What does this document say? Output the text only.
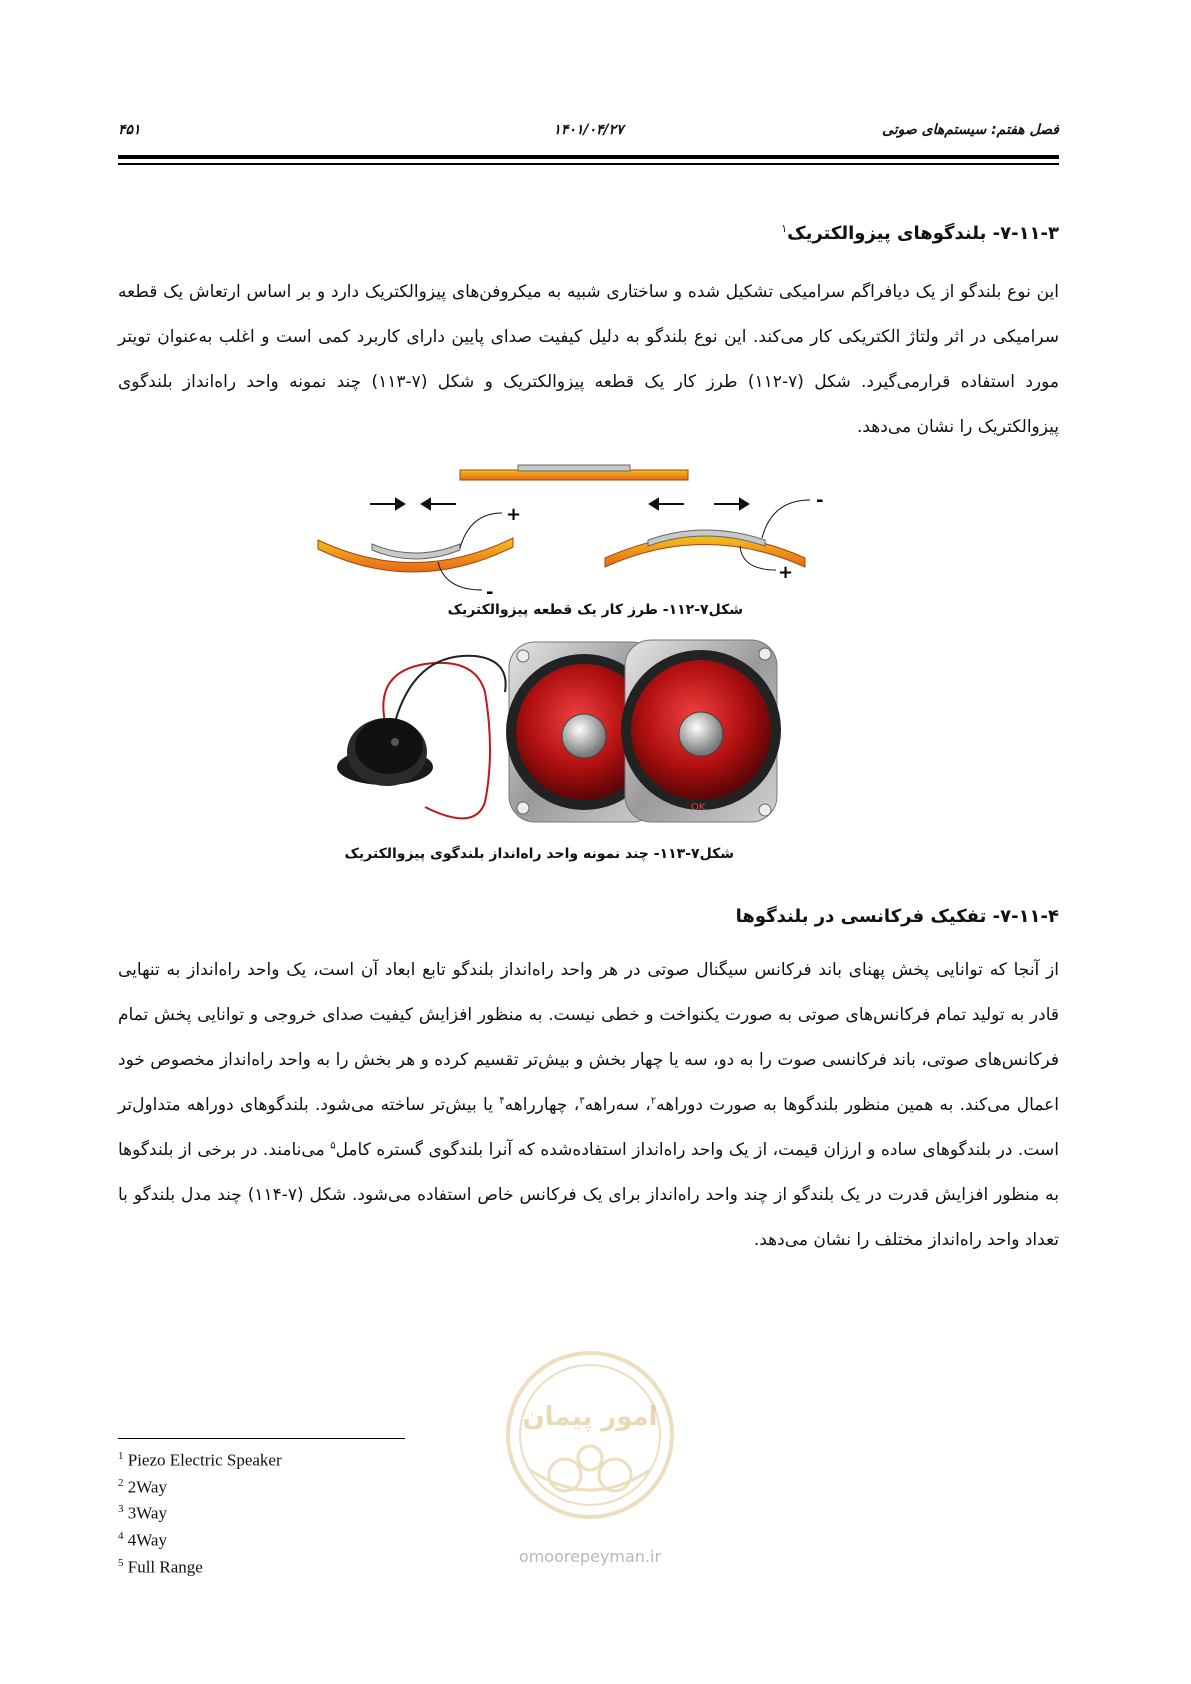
فصل هفتم: سیستم‌های صوتی
۱۴۰۱/۰۴/۲۷
۴۵۱
۷-۱۱-۳- بلندگوهای پیزوالکتریک$^۱$
این نوع بلندگو از یک دیافراگم سرامیکی تشکیل شده و ساختاری شبیه به میکروفن‌های پیزوالکتریک دارد و بر اساس ارتعاش یک قطعه سرامیکی در اثر ولتاژ الکتریکی کار می‌کند. این نوع بلندگو به دلیل کیفیت صدای پایین دارای کاربرد کمی است و اغلب به‌عنوان تویتر مورد استفاده قرارمی‌گیرد. شکل (۷-۱۱۲) طرز کار یک قطعه پیزوالکتریک و شکل (۷-۱۱۳) چند نمونه واحد راه‌انداز بلندگوی پیزوالکتریک را نشان می‌دهد.
+
-
-
+
شکل۷-۱۱۲- طرز کار یک قطعه پیزوالکتریک
OK
شکل۷-۱۱۳- چند نمونه واحد راه‌انداز بلندگوی پیزوالکتریک
۷-۱۱-۴- تفکیک فرکانسی در بلندگوها
از آنجا که توانایی پخش پهنای باند فرکانس سیگنال صوتی در هر واحد راه‌انداز بلندگو تابع ابعاد آن است، یک واحد راه‌انداز به تنهایی قادر به تولید تمام فرکانس‌های صوتی به صورت یکنواخت و خطی نیست. به منظور افزایش کیفیت صدای خروجی و توانایی پخش تمام فرکانس‌های صوتی، باند فرکانسی صوت را به دو، سه یا چهار بخش و بیش‌تر تقسیم کرده و هر بخش را به واحد راه‌انداز مخصوص خود اعمال می‌کند. به همین منظور بلندگوها به صورت دوراهه$^۲$، سه‌راهه$^۳$، چهارراهه$^۴$ یا بیش‌تر ساخته می‌شود. بلندگوهای دوراهه متداول‌تر است. در بلندگوهای ساده و ارزان قیمت، از یک واحد راه‌انداز استفاده‌شده که آنرا بلندگوی گستره کامل$^۵$ می‌نامند. در برخی از بلندگوها به منظور افزایش قدرت در یک بلندگو از چند واحد راه‌انداز برای یک فرکانس خاص استفاده می‌شود. شکل (۷-۱۱۴) چند مدل بلندگو با تعداد واحد راه‌انداز مختلف را نشان می‌دهد.
امور پیمان
omoorepeyman.ir
$^1$ Piezo Electric Speaker
$^2$ 2Way
$^3$ 3Way
$^4$ 4Way
$^5$ Full Range
